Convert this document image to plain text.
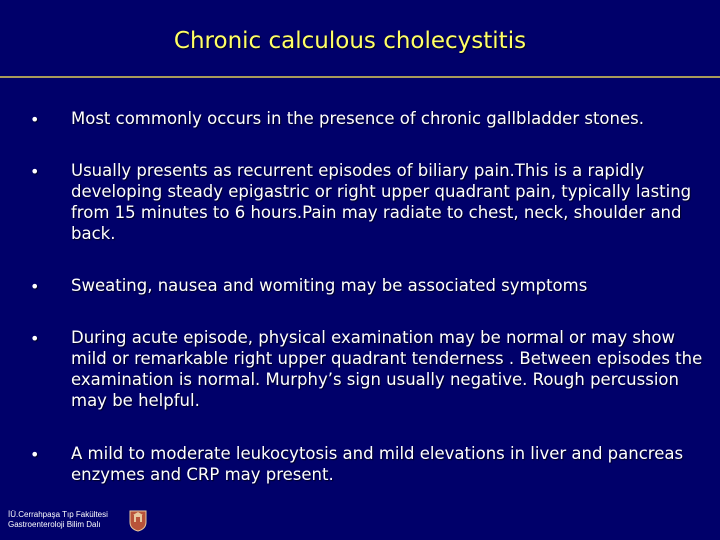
Chronic calculous cholecystitis
• Most commonly occurs in the presence of chronic gallbladder stones.
• Usually presents as recurrent episodes of biliary pain.This is a rapidly developing steady epigastric or right upper quadrant pain, typically lasting from 15 minutes to 6 hours.Pain may radiate to chest, neck, shoulder and back.
• Sweating, nausea and womiting may be associated symptoms
• During acute episode, physical examination may be normal or may show mild or remarkable right upper quadrant tenderness . Between episodes the examination is normal. Murphy’s sign usually negative. Rough percussion may be helpful.
• A mild to moderate leukocytosis and mild elevations in liver and pancreas enzymes and CRP may present.
İÜ.Cerrahpaşa Tıp Fakültesi
Gastroenteroloji Bilim Dalı
